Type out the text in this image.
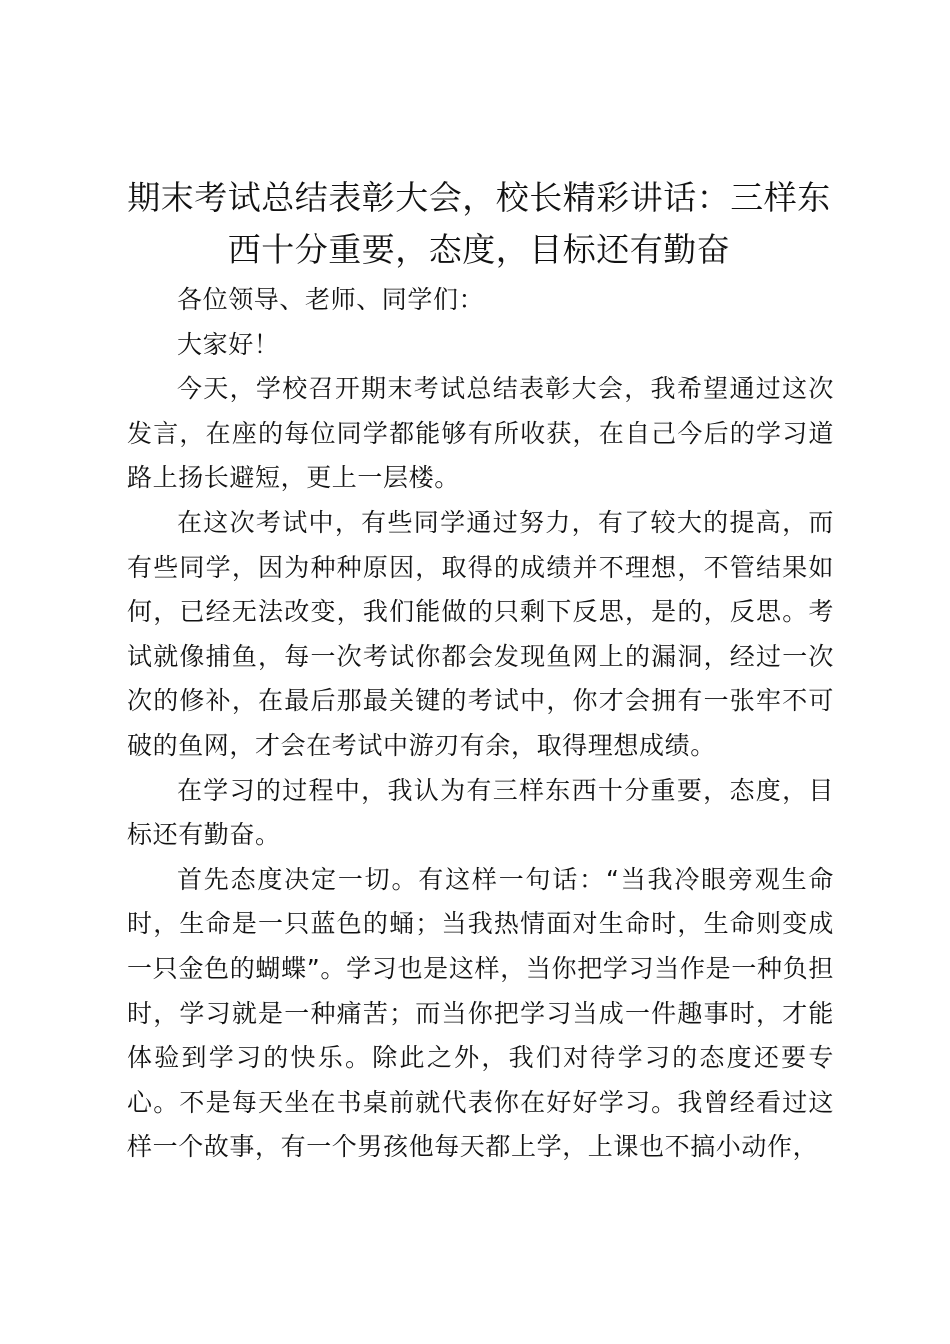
期末考试总结表彰大会，校长精彩讲话：三样东西十分重要，态度，目标还有勤奋

各位领导、老师、同学们：

大家好！

今天，学校召开期末考试总结表彰大会，我希望通过这次发言，在座的每位同学都能够有所收获，在自己今后的学习道路上扬长避短，更上一层楼。

在这次考试中，有些同学通过努力，有了较大的提高，而有些同学，因为种种原因，取得的成绩并不理想，不管结果如何，已经无法改变，我们能做的只剩下反思，是的，反思。考试就像捕鱼，每一次考试你都会发现鱼网上的漏洞，经过一次次的修补，在最后那最关键的考试中，你才会拥有一张牢不可破的鱼网，才会在考试中游刃有余，取得理想成绩。

在学习的过程中，我认为有三样东西十分重要，态度，目标还有勤奋。

首先态度决定一切。有这样一句话：“当我冷眼旁观生命时，生命是一只蓝色的蛹；当我热情面对生命时，生命则变成一只金色的蝴蝶”。学习也是这样，当你把学习当作是一种负担时，学习就是一种痛苦；而当你把学习当成一件趣事时，才能体验到学习的快乐。除此之外，我们对待学习的态度还要专心。不是每天坐在书桌前就代表你在好好学习。我曾经看过这样一个故事，有一个男孩他每天都上学，上课也不搞小动作，
